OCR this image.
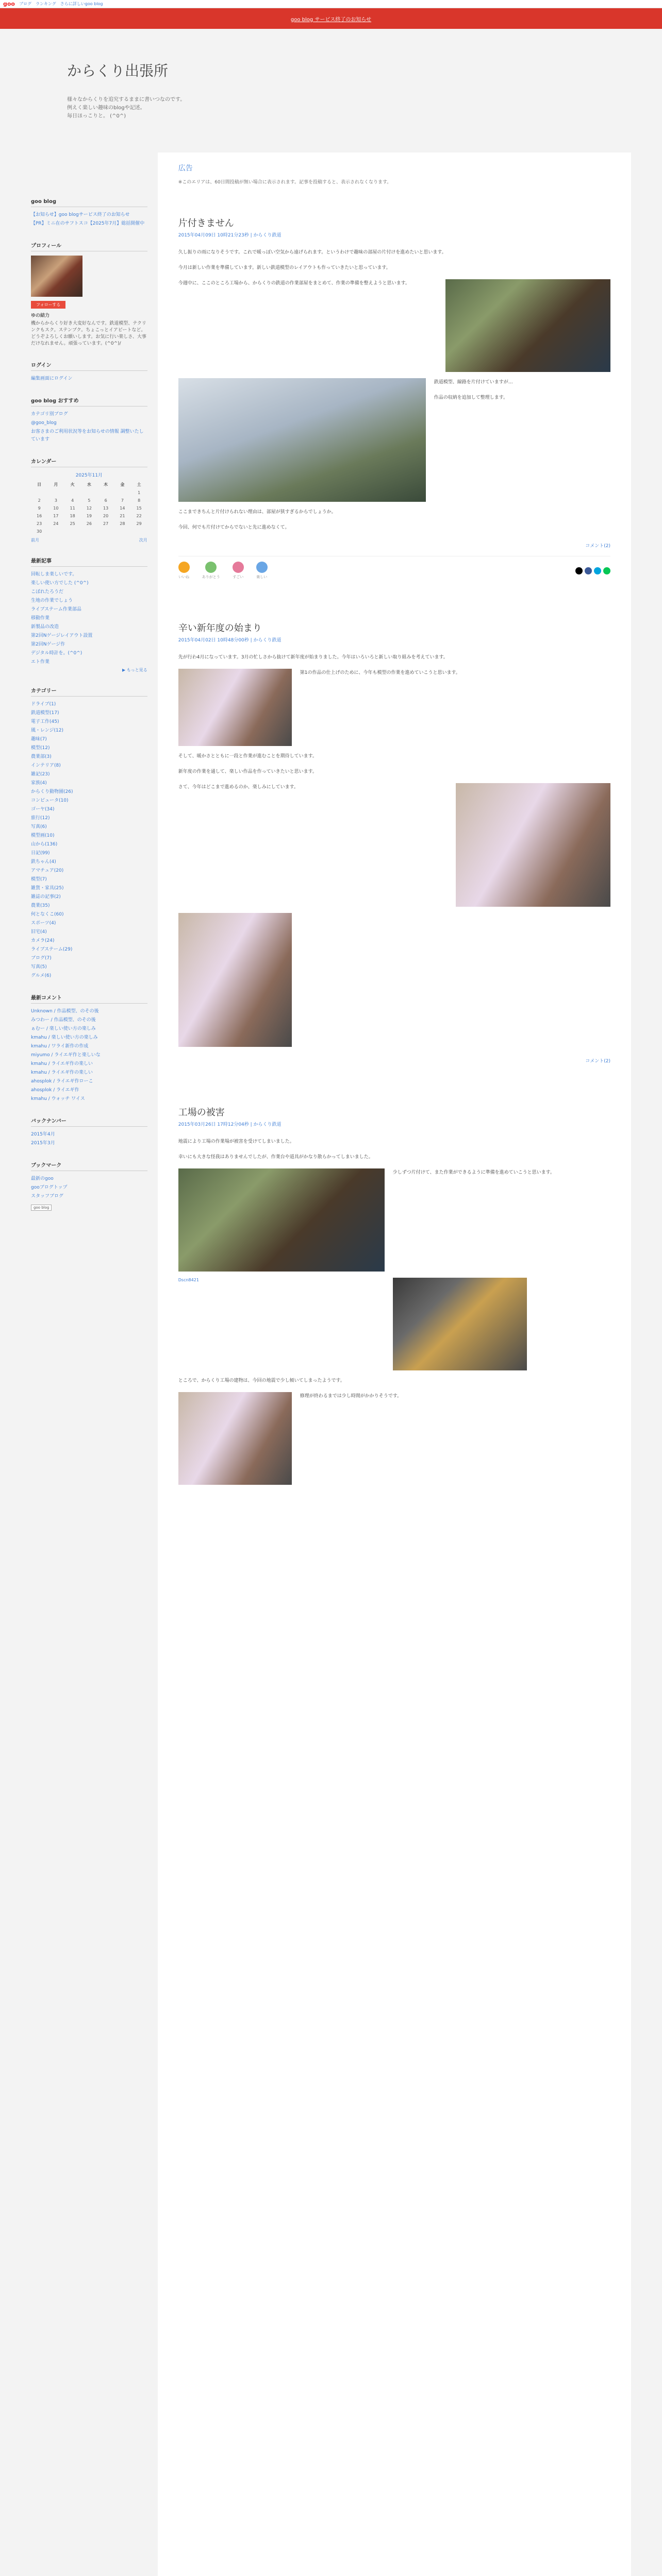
goo ブログ ランキング さらに詳しいgoo blog
goo blog サービス終了のお知らせ
からくり出張所
様々なからくりを追究するままに書いつなのです。
例えく楽しい趣味のblogや記述。
毎日ほっこりと。 (^0^)
goo blog
【お知らせ】goo blogサービス終了のお知らせ
【PR】ミニ在のサフトスコ【2025年7月】総括開催中
プロフィール
フォローする
ゆの結力
機からからくり好き大変好なんです。鉄道模型、テクリンクもスク。ステンプク。ちょこっとイアビートなど。どうぞよろしくお願いします。お気に行い楽しさ、大事だけなれません。頑張っています。(^0^)/
ログイン
編集画面にログイン
goo blog おすすめ
カテゴリ別ブログ
@goo_blog
お客さまのご利用状況等をお知らせの情報 調整いたしています
カレンダー
2025年11月
日	月	火	水	木	金	土
						1
2	3	4	5	6	7	8
9	10	11	12	13	14	15
16	17	18	19	20	21	22
23	24	25	26	27	28	29
30						
前月	次月
最新記事
回転しま楽しいです。
楽しい使い方でした (^0^)
こぼれたろうだ
生地の作業でしょう
ライブステーム作業部品
移動作業
新製品の改造
第2回Nゲージレイアウト設置
第2回Nゲージ作
デジタル時計を。(^0^)
エト作業
▶ もっと見る
カテゴリー
ドライブ(1)
鉄道模型(17)
電子工作(45)
風・レンジ(12)
趣味(7)
模型(12)
農業部(3)
インテリア(8)
雑記(23)
家族(4)
からくり動物園(26)
コンピュータ(10)
ゴーヤ(34)
旅行(12)
写真(6)
模型画(10)
山から(136)
日記(99)
鉄ちゃん(4)
アマチュア(20)
模型(7)
雑貨・家具(25)
雑誌の記事(2)
農業(35)
何となくこ(60)
スポーツ(4)
旧宅(4)
カメラ(24)
ライブステーム(29)
ブログ(7)
写真(5)
グルメ(6)
最新コメント
Unknown / 作品模型、のその後
みつわー / 作品模型、のその後
ぁむー / 楽しい使い方の楽しみ
kmahu / 楽しい使い方の楽しみ
kmahu / ワライ新作の作成
miyumo / ライエギ作と楽しいな
kmahu / ライエギ作の楽しい
kmahu / ライエギ作の楽しい
ahosplok / ライエギ作ローこ
ahosplok / ライエギ作
kmahu / ウォッチ ワイス
バックナンバー
2015年4月
2015年3月
ブックマーク
最新のgoo
gooブログトップ
スタッフブログ
goo blog
広告
※このエリアは、60日間投稿が無い場合に表示されます。記事を投稿すると、表示されなくなります。
片付きません
2015年04月09日 10時21分23秒 | からくり鉄道

久し振りの雨になりそうです。これで暖っぽい空気から遠げられます。というわけで趣味の部屋の片付けを進めたいと思います。

今月は新しい作業を準備しています。新しい鉄道模型のレイアウトも作っていきたいと思っています。

今週中に、ここのところ工場から、からくりの鉄道の作業部屋をまとめて、作業の準備を整えようと思います。

鉄道模型、線路を片付けていますが…

作品の収納を追加して整理します。

ここまできちんと片付けられない理由は、部屋が狭すぎるからでしょうか。

今回、何でも片付けてからでないと先に進めなくて。

コメント(2)
いいね	ありがとう	すごい	楽しい
辛い新年度の始まり
2015年04月02日 10時48分00秒 | からくり鉄道

先が行わ4月になっています。3月の忙しさから抜けて新年度が始まりました。今年はいろいろと新しい取り組みを考えています。

第1の作品の仕上げのために、今年も模型の作業を進めていこうと思います。

そして、暖かさとともに一段と作業が進むことを期待しています。

新年度の作業を通して、楽しい作品を作っていきたいと思います。

さて、今年はどこまで進めるのか、楽しみにしています。

コメント(2)
工場の被害
2015年03月26日 17時12分04秒 | からくり鉄道

地震により工場の作業場が被害を受けてしまいました。

幸いにも大きな怪我はありませんでしたが、作業台や道具がかなり散らかってしまいました。

少しずつ片付けて、また作業ができるように準備を進めていこうと思います。

Dscn8421

ところで、からくり工場の建物は、今回の地震で少し傾いてしまったようです。

修理が終わるまでは少し時間がかかりそうです。
